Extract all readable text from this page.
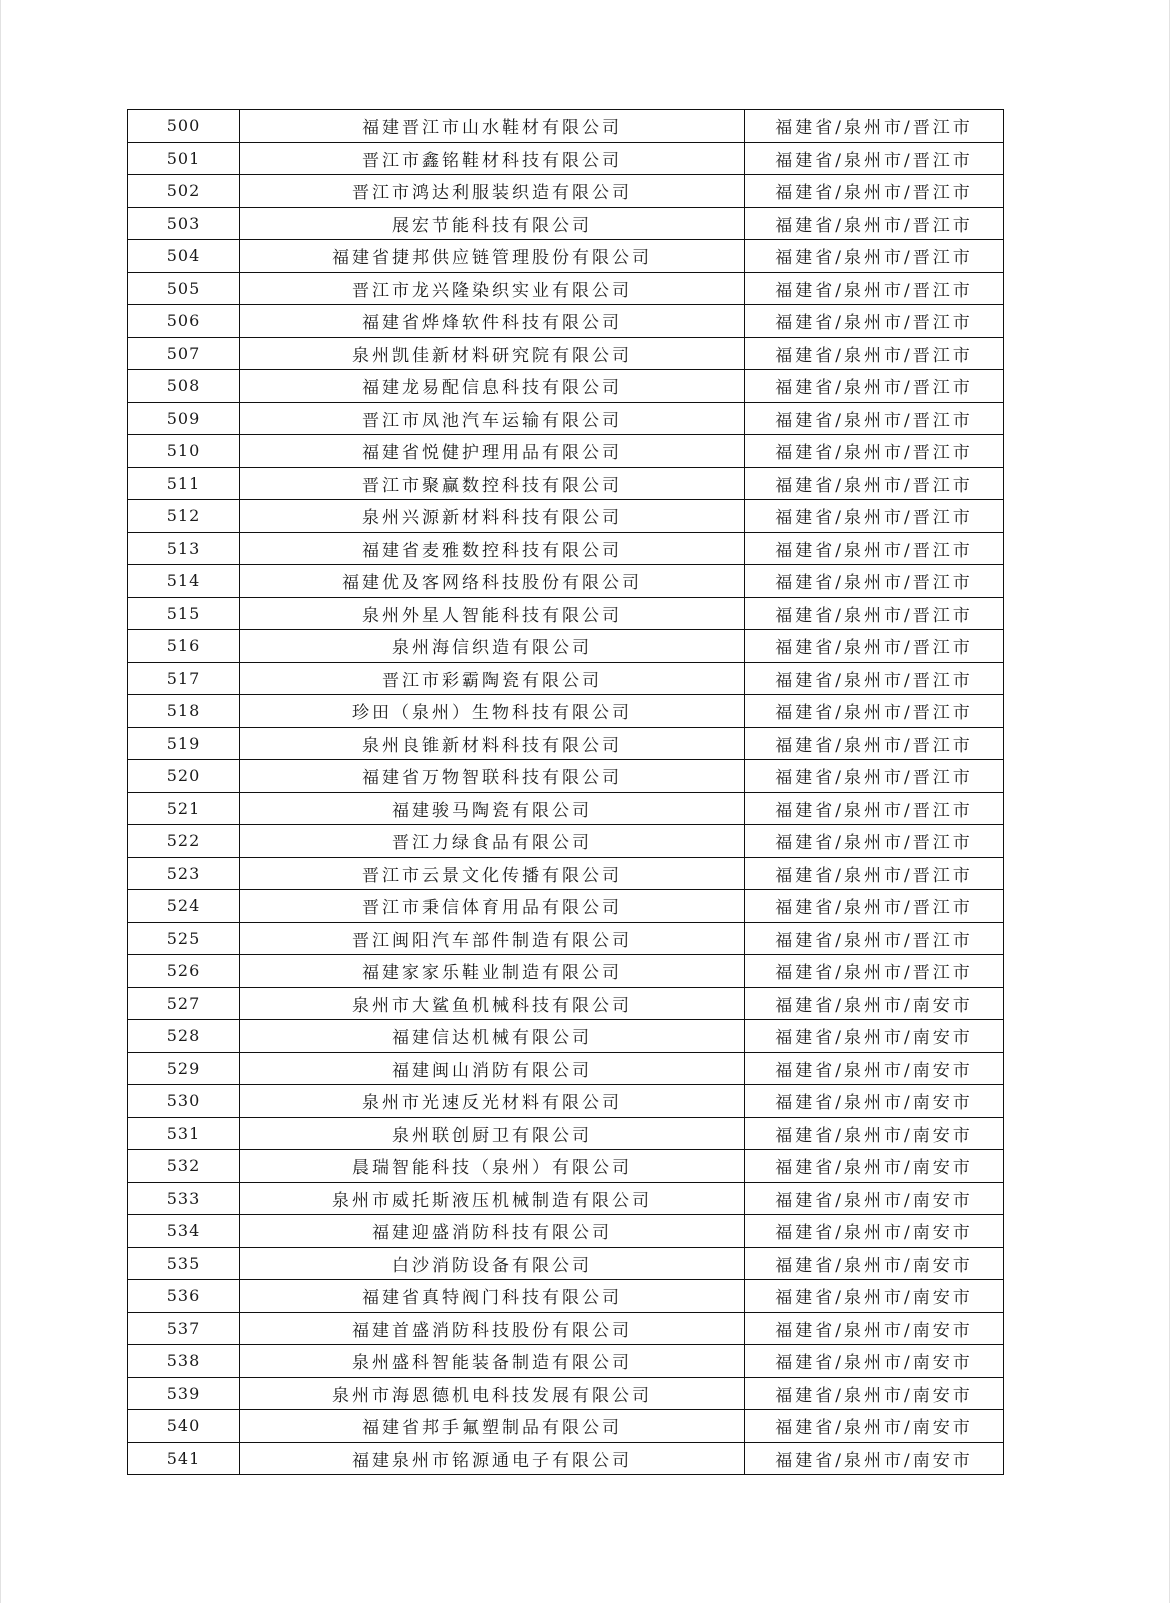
500	福建晋江市山水鞋材有限公司	福建省/泉州市/晋江市
501	晋江市鑫铭鞋材科技有限公司	福建省/泉州市/晋江市
502	晋江市鸿达利服装织造有限公司	福建省/泉州市/晋江市
503	展宏节能科技有限公司	福建省/泉州市/晋江市
504	福建省捷邦供应链管理股份有限公司	福建省/泉州市/晋江市
505	晋江市龙兴隆染织实业有限公司	福建省/泉州市/晋江市
506	福建省烨烽软件科技有限公司	福建省/泉州市/晋江市
507	泉州凯佳新材料研究院有限公司	福建省/泉州市/晋江市
508	福建龙易配信息科技有限公司	福建省/泉州市/晋江市
509	晋江市凤池汽车运输有限公司	福建省/泉州市/晋江市
510	福建省悦健护理用品有限公司	福建省/泉州市/晋江市
511	晋江市聚赢数控科技有限公司	福建省/泉州市/晋江市
512	泉州兴源新材料科技有限公司	福建省/泉州市/晋江市
513	福建省麦雅数控科技有限公司	福建省/泉州市/晋江市
514	福建优及客网络科技股份有限公司	福建省/泉州市/晋江市
515	泉州外星人智能科技有限公司	福建省/泉州市/晋江市
516	泉州海信织造有限公司	福建省/泉州市/晋江市
517	晋江市彩霸陶瓷有限公司	福建省/泉州市/晋江市
518	珍田（泉州）生物科技有限公司	福建省/泉州市/晋江市
519	泉州良锥新材料科技有限公司	福建省/泉州市/晋江市
520	福建省万物智联科技有限公司	福建省/泉州市/晋江市
521	福建骏马陶瓷有限公司	福建省/泉州市/晋江市
522	晋江力绿食品有限公司	福建省/泉州市/晋江市
523	晋江市云景文化传播有限公司	福建省/泉州市/晋江市
524	晋江市秉信体育用品有限公司	福建省/泉州市/晋江市
525	晋江闽阳汽车部件制造有限公司	福建省/泉州市/晋江市
526	福建家家乐鞋业制造有限公司	福建省/泉州市/晋江市
527	泉州市大鲨鱼机械科技有限公司	福建省/泉州市/南安市
528	福建信达机械有限公司	福建省/泉州市/南安市
529	福建闽山消防有限公司	福建省/泉州市/南安市
530	泉州市光速反光材料有限公司	福建省/泉州市/南安市
531	泉州联创厨卫有限公司	福建省/泉州市/南安市
532	晨瑞智能科技（泉州）有限公司	福建省/泉州市/南安市
533	泉州市威托斯液压机械制造有限公司	福建省/泉州市/南安市
534	福建迎盛消防科技有限公司	福建省/泉州市/南安市
535	白沙消防设备有限公司	福建省/泉州市/南安市
536	福建省真特阀门科技有限公司	福建省/泉州市/南安市
537	福建首盛消防科技股份有限公司	福建省/泉州市/南安市
538	泉州盛科智能装备制造有限公司	福建省/泉州市/南安市
539	泉州市海恩德机电科技发展有限公司	福建省/泉州市/南安市
540	福建省邦手氟塑制品有限公司	福建省/泉州市/南安市
541	福建泉州市铭源通电子有限公司	福建省/泉州市/南安市
